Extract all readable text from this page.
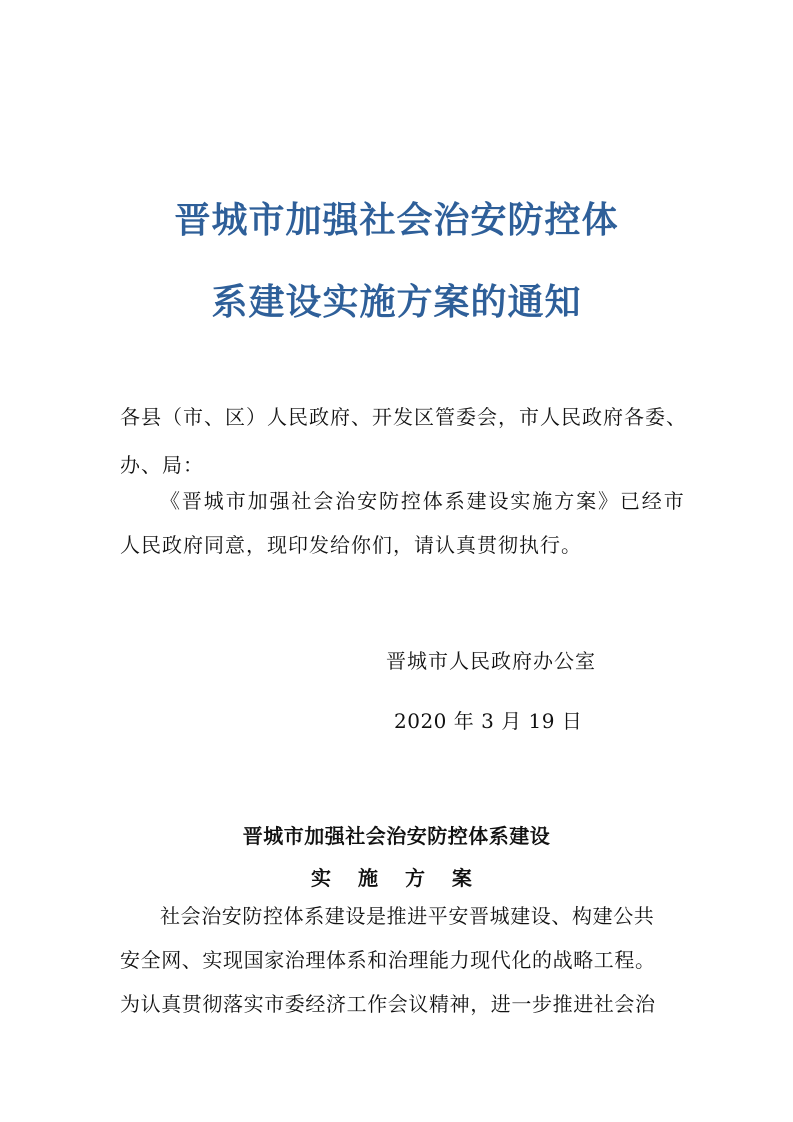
晋城市加强社会治安防控体
系建设实施方案的通知
各县（市、区）人民政府、开发区管委会，市人民政府各委、
办、局：
《晋城市加强社会治安防控体系建设实施方案》已经市
人民政府同意，现印发给你们，请认真贯彻执行。
晋城市人民政府办公室
2020 年 3 月 19 日
晋城市加强社会治安防控体系建设
实 施 方 案
社会治安防控体系建设是推进平安晋城建设、构建公共
安全网、实现国家治理体系和治理能力现代化的战略工程。
为认真贯彻落实市委经济工作会议精神，进一步推进社会治
